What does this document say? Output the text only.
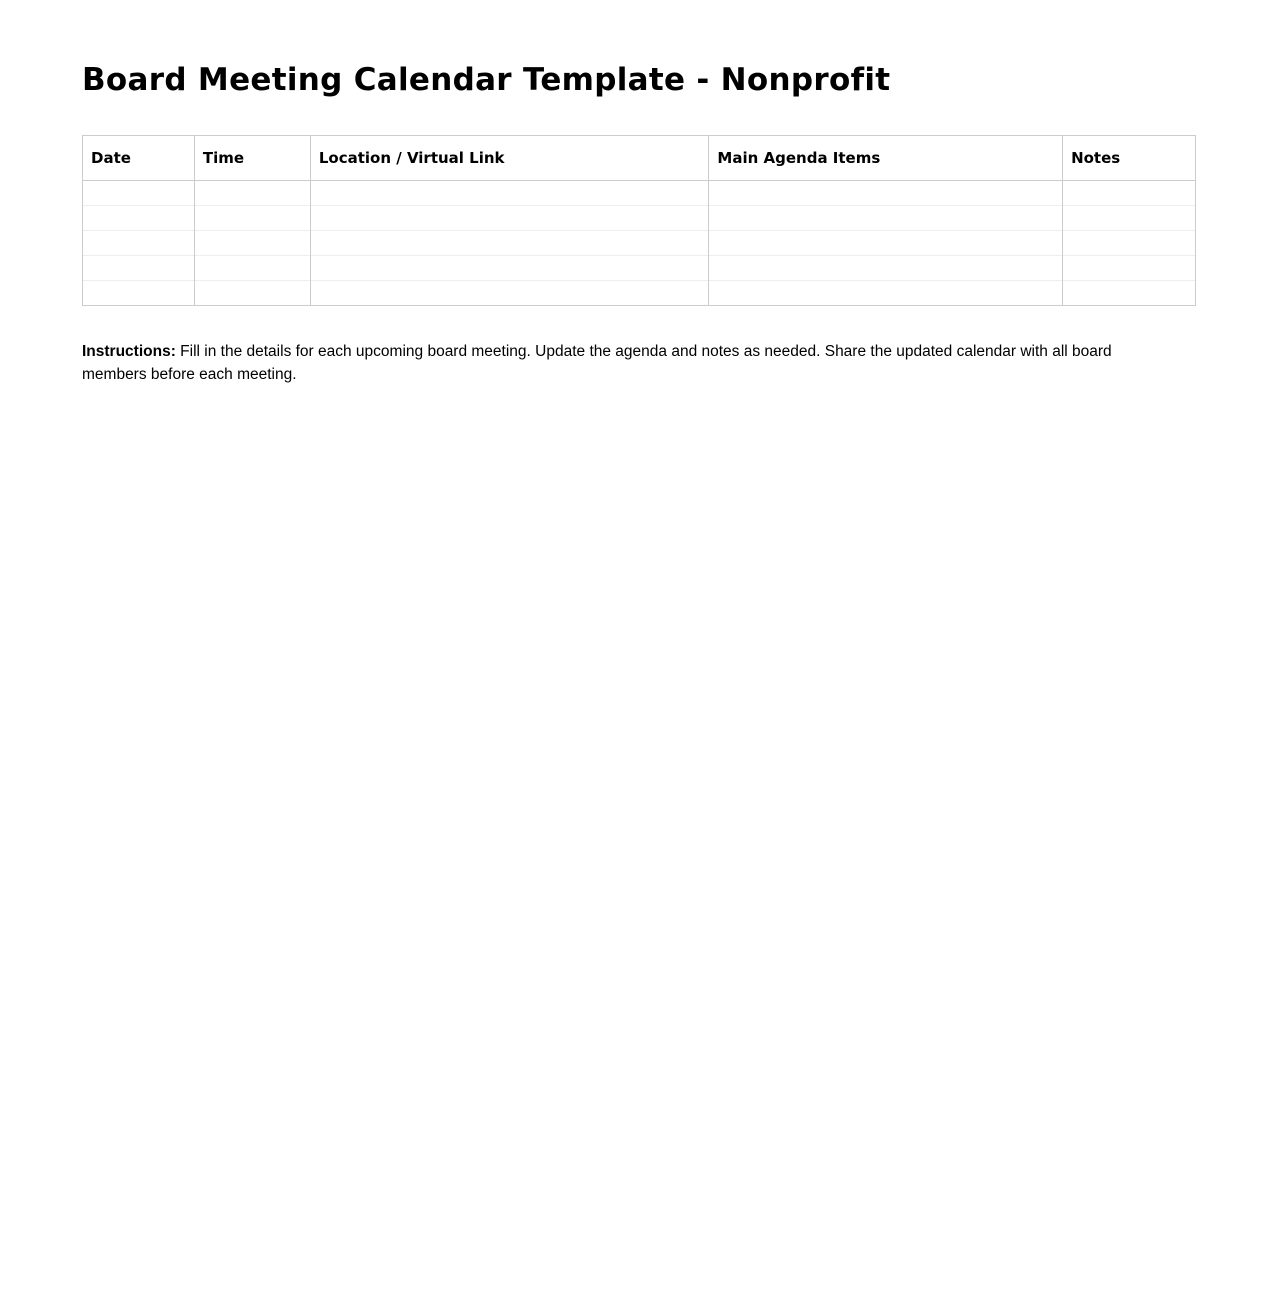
Board Meeting Calendar Template - Nonprofit
Date	Time	Location / Virtual Link	Main Agenda Items	Notes

Instructions: Fill in the details for each upcoming board meeting. Update the agenda and notes as needed. Share the updated calendar with all board members before each meeting.
